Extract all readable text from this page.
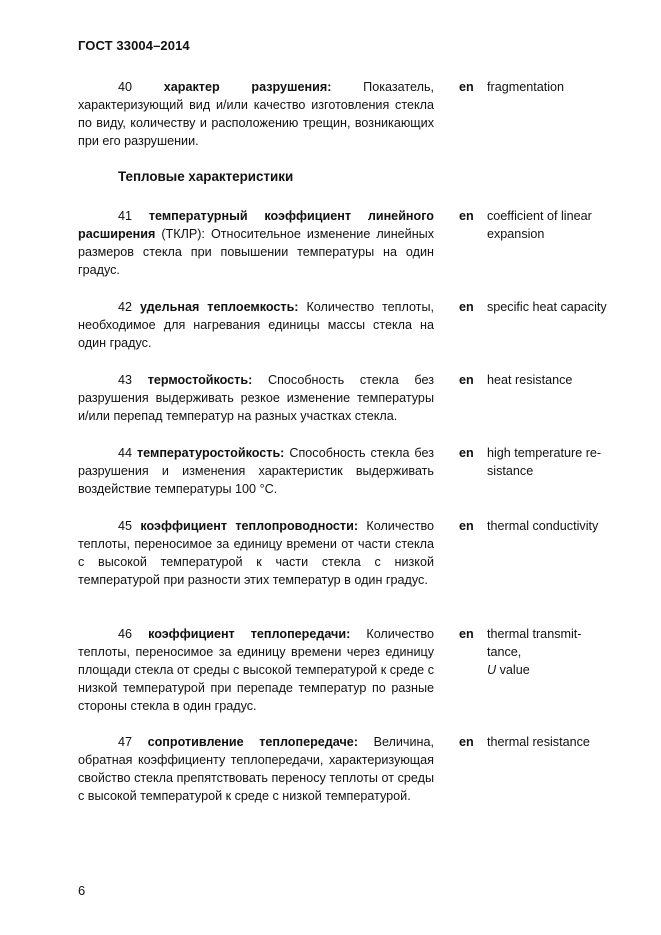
ГОСТ 33004–2014
40	характер разрушения:	Показатель, характеризующий вид и/или качество изготовления стекла по виду, количеству и расположению трещин, возникающих при его разрушении.
en fragmentation
Тепловые характеристики
41 температурный коэффициент линейного расширения (ТКЛР): Относительное изменение линейных размеров стекла при повышении температуры на один градус.
en coefficient of linear
expansion
42 удельная теплоемкость: Количество теплоты, необходимое для нагревания единицы массы стекла на один градус.
en specific heat capacity
43 термостойкость: Способность стекла без разрушения выдерживать резкое изменение температуры и/или перепад температур на разных участках стекла.
en heat resistance
44 температуростойкость: Способность стекла без разрушения и изменения характеристик выдерживать воздействие температуры 100 °С.
en high temperature re-
sistance
45 коэффициент теплопроводности: Количество теплоты, переносимое за единицу времени от части стекла с высокой температурой к части стекла с низкой температурой при разности этих температур в один градус.
en thermal conductivity
46 коэффициент теплопередачи: Количество теплоты, переносимое за единицу времени через единицу площади стекла от среды с высокой температурой к среде с низкой температурой при перепаде температур по разные стороны стекла в один градус.
en thermal transmit-
tance,
U value
47 сопротивление теплопередаче: Величина, обратная коэффициенту теплопередачи, характеризующая свойство стекла препятствовать переносу теплоты от среды с высокой температурой к среде с низкой температурой.
en thermal resistance
6
